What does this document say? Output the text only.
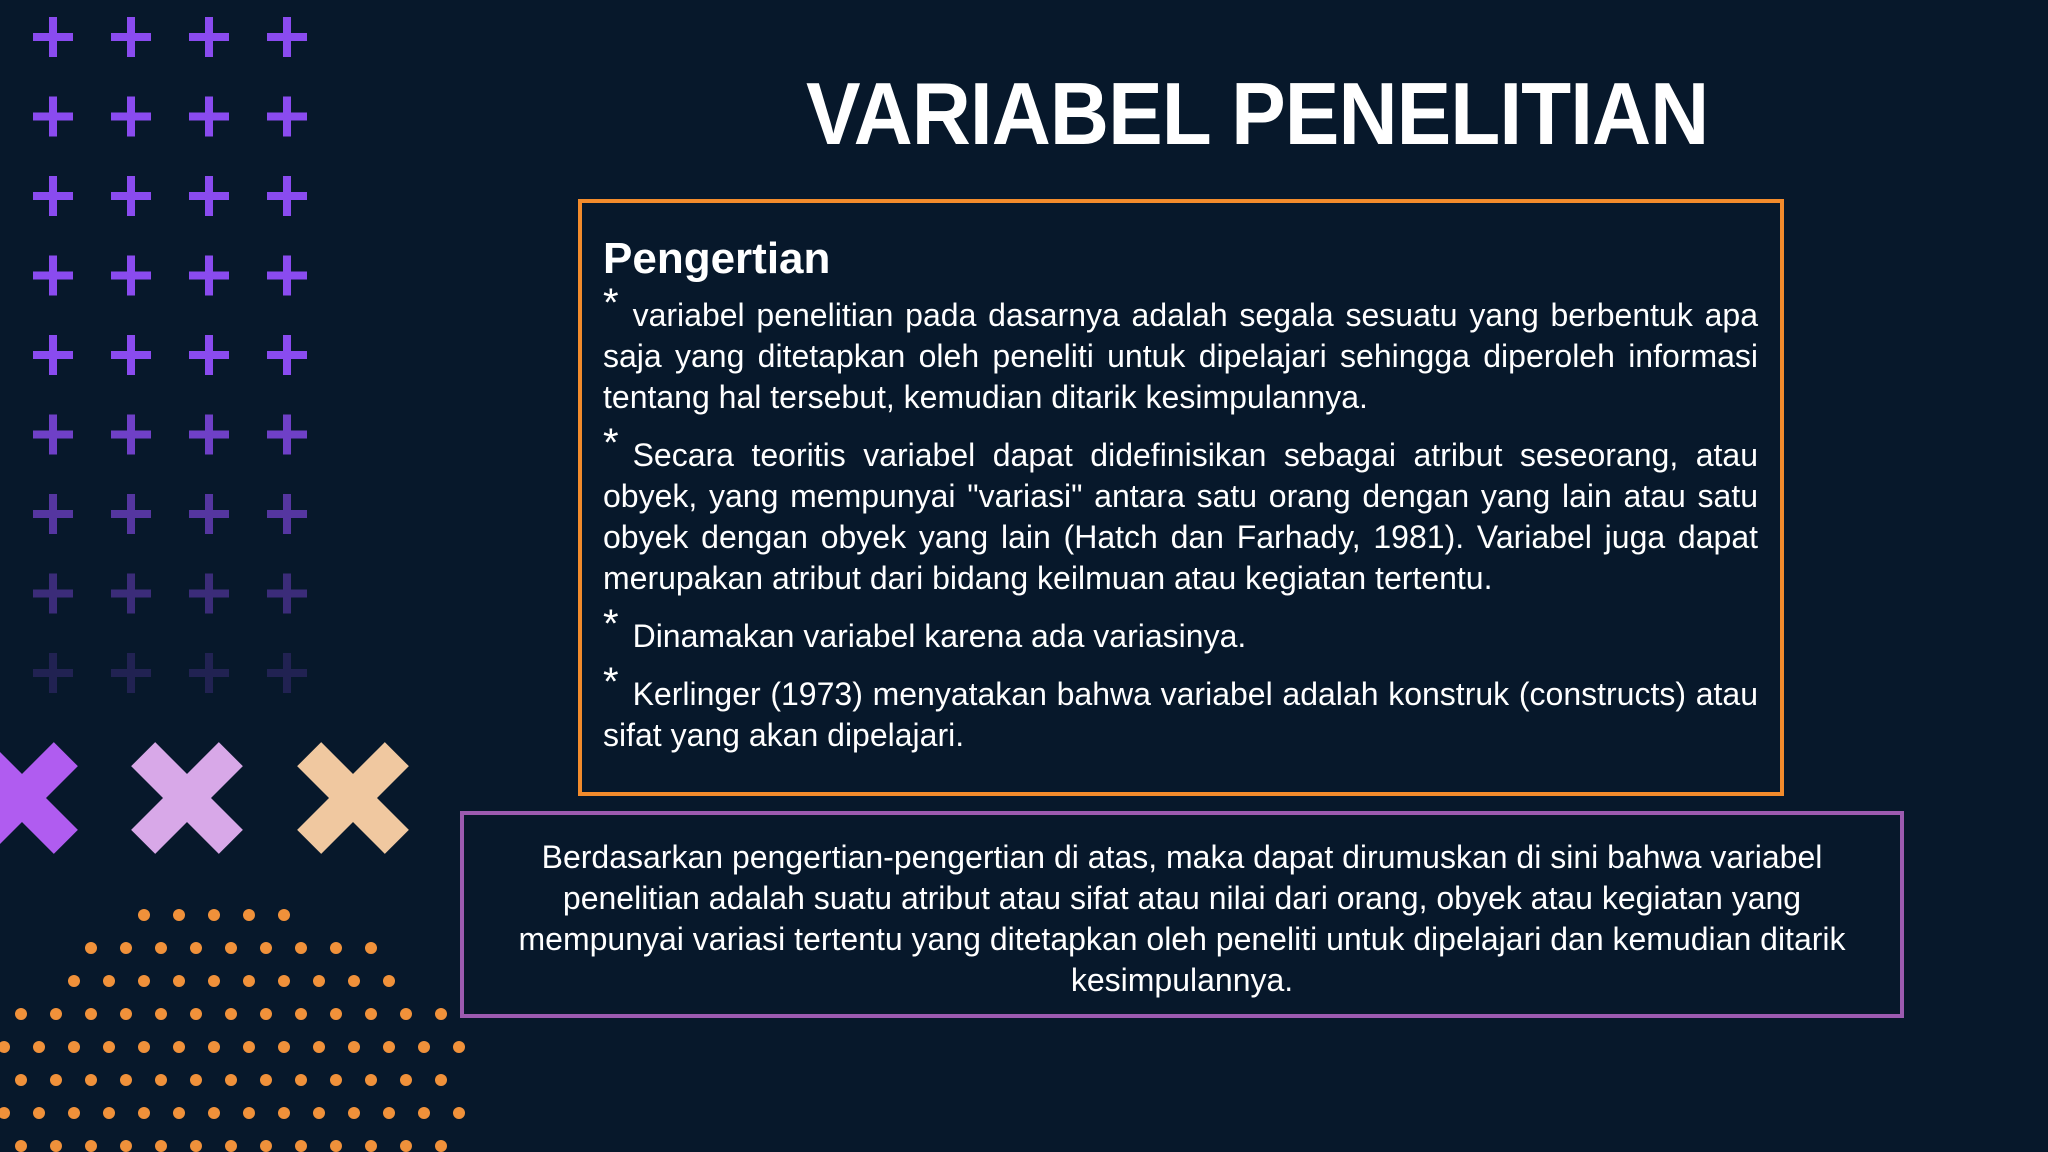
VARIABEL PENELITIAN
Pengertian
* variabel penelitian pada dasarnya adalah segala sesuatu yang berbentuk apa saja yang ditetapkan oleh peneliti untuk dipelajari sehingga diperoleh informasi tentang hal tersebut, kemudian ditarik kesimpulannya.
* Secara teoritis variabel dapat didefinisikan sebagai atribut seseorang, atau obyek, yang mempunyai "variasi" antara satu orang dengan yang lain atau satu obyek dengan obyek yang lain (Hatch dan Farhady, 1981). Variabel juga dapat merupakan atribut dari bidang keilmuan atau kegiatan tertentu.
* Dinamakan variabel karena ada variasinya.
* Kerlinger (1973) menyatakan bahwa variabel adalah konstruk (constructs) atau sifat yang akan dipelajari.
Berdasarkan pengertian-pengertian di atas, maka dapat dirumuskan di sini bahwa variabel penelitian adalah suatu atribut atau sifat atau nilai dari orang, obyek atau kegiatan yang mempunyai variasi tertentu yang ditetapkan oleh peneliti untuk dipelajari dan kemudian ditarik kesimpulannya.
